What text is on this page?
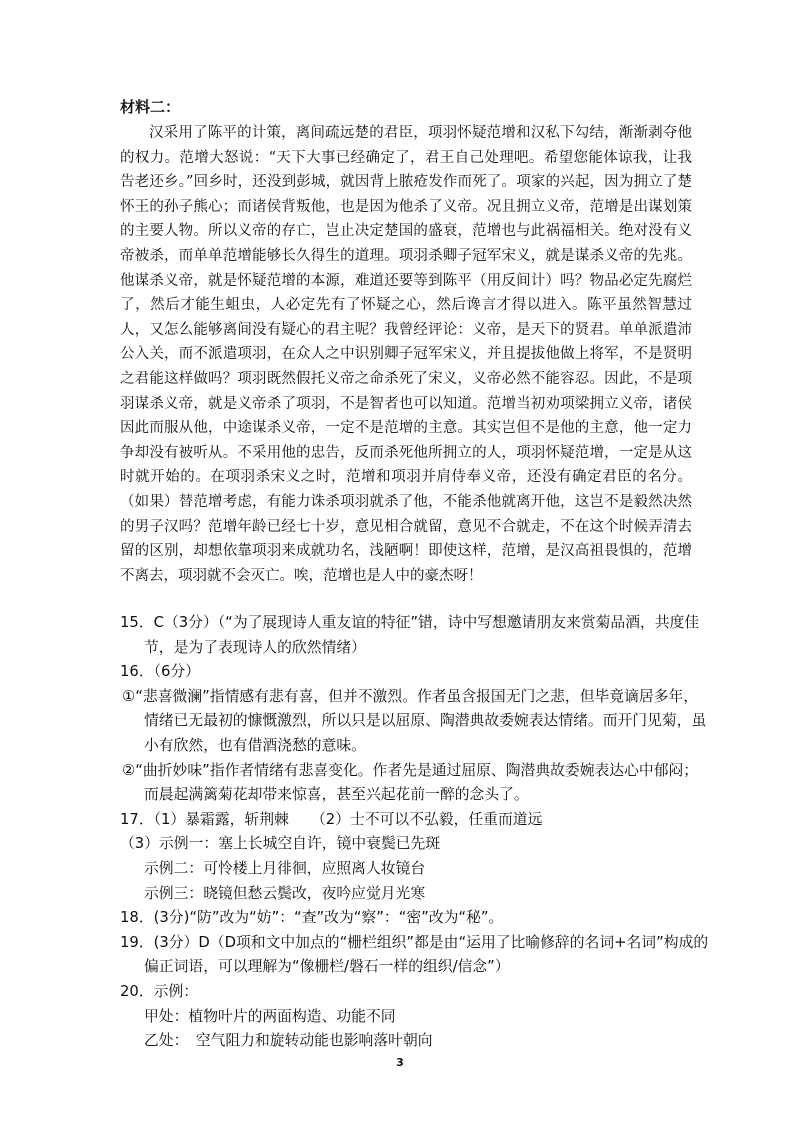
材料二：

汉采用了陈平的计策，离间疏远楚的君臣，项羽怀疑范增和汉私下勾结，渐渐剥夺他的权力。范增大怒说：“天下大事已经确定了，君王自己处理吧。希望您能体谅我，让我告老还乡。”回乡时，还没到彭城，就因背上脓疮发作而死了。项家的兴起，因为拥立了楚怀王的孙子熊心；而诸侯背叛他，也是因为他杀了义帝。况且拥立义帝，范增是出谋划策的主要人物。所以义帝的存亡，岂止决定楚国的盛衰，范增也与此祸福相关。绝对没有义帝被杀，而单单范增能够长久得生的道理。项羽杀卿子冠军宋义，就是谋杀义帝的先兆。他谋杀义帝，就是怀疑范增的本源，难道还要等到陈平（用反间计）吗？物品必定先腐烂了，然后才能生蛆虫，人必定先有了怀疑之心，然后谗言才得以进入。陈平虽然智慧过人，又怎么能够离间没有疑心的君主呢？我曾经评论：义帝，是天下的贤君。单单派遣沛公入关，而不派遣项羽，在众人之中识别卿子冠军宋义，并且提拔他做上将军，不是贤明之君能这样做吗？项羽既然假托义帝之命杀死了宋义，义帝必然不能容忍。因此，不是项羽谋杀义帝，就是义帝杀了项羽，不是智者也可以知道。范增当初劝项梁拥立义帝，诸侯因此而服从他，中途谋杀义帝，一定不是范增的主意。其实岂但不是他的主意，他一定力争却没有被听从。不采用他的忠告，反而杀死他所拥立的人，项羽怀疑范增，一定是从这时就开始的。在项羽杀宋义之时，范增和项羽并肩侍奉义帝，还没有确定君臣的名分。（如果）替范增考虑，有能力诛杀项羽就杀了他，不能杀他就离开他，这岂不是毅然决然的男子汉吗？范增年龄已经七十岁，意见相合就留，意见不合就走，不在这个时候弄清去留的区别，却想依靠项羽来成就功名，浅陋啊！即使这样，范增，是汉高祖畏惧的，范增不离去，项羽就不会灭亡。唉，范增也是人中的豪杰呀！

15．C（3分）（“为了展现诗人重友谊的特征”错，诗中写想邀请朋友来赏菊品酒，共度佳节，是为了表现诗人的欣然情绪）

16．（6分）

①“悲喜微澜”指情感有悲有喜，但并不激烈。作者虽含报国无门之悲，但毕竟谪居多年，情绪已无最初的慷慨激烈，所以只是以屈原、陶潜典故委婉表达情绪。而开门见菊，虽小有欣然，也有借酒浇愁的意味。

②“曲折妙味”指作者情绪有悲喜变化。作者先是通过屈原、陶潜典故委婉表达心中郁闷；而晨起满篱菊花却带来惊喜，甚至兴起花前一醉的念头了。

17．（1）暴霜露，斩荆棘　　（2）士不可以不弘毅，任重而道远

（3）示例一：塞上长城空自许，镜中衰鬓已先斑

示例二：可怜楼上月徘徊，应照离人妆镜台

示例三：晓镜但愁云鬓改，夜吟应觉月光寒

18．(3分)“防”改为“妨”：“查”改为“察”：“密”改为“秘”。

19．(3分）D（D项和文中加点的“栅栏组织”都是由“运用了比喻修辞的名词+名词”构成的偏正词语，可以理解为“像栅栏/磐石一样的组织/信念”）

20．示例：

甲处：植物叶片的两面构造、功能不同

乙处：　空气阻力和旋转动能也影响落叶朝向

3
